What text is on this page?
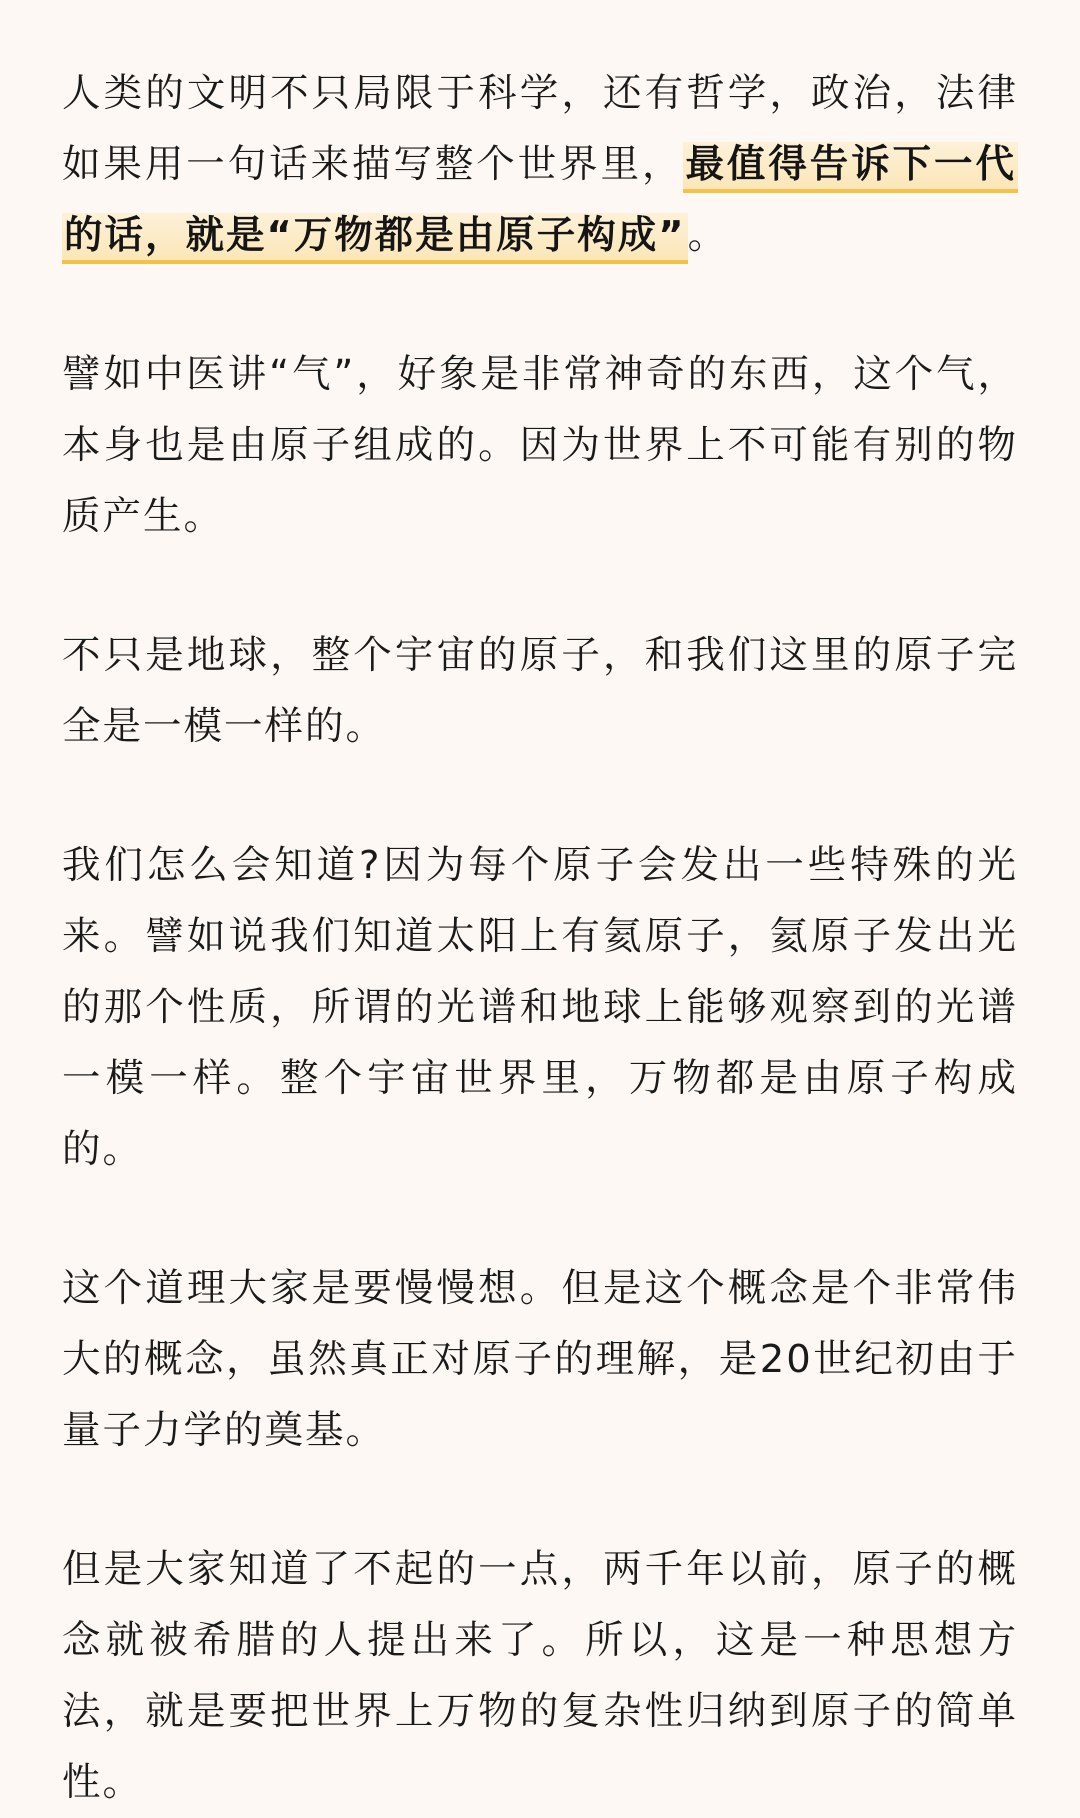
人类的文明不只局限于科学，还有哲学，政治，法律如果用一句话来描写整个世界里，最值得告诉下一代的话，就是“万物都是由原子构成”。

譬如中医讲“气”，好象是非常神奇的东西，这个气，本身也是由原子组成的。因为世界上不可能有别的物质产生。

不只是地球，整个宇宙的原子，和我们这里的原子完全是一模一样的。

我们怎么会知道?因为每个原子会发出一些特殊的光来。譬如说我们知道太阳上有氦原子，氦原子发出光的那个性质，所谓的光谱和地球上能够观察到的光谱一模一样。整个宇宙世界里，万物都是由原子构成的。

这个道理大家是要慢慢想。但是这个概念是个非常伟大的概念，虽然真正对原子的理解，是20世纪初由于量子力学的奠基。

但是大家知道了不起的一点，两千年以前，原子的概念就被希腊的人提出来了。所以，这是一种思想方法，就是要把世界上万物的复杂性归纳到原子的简单性。
